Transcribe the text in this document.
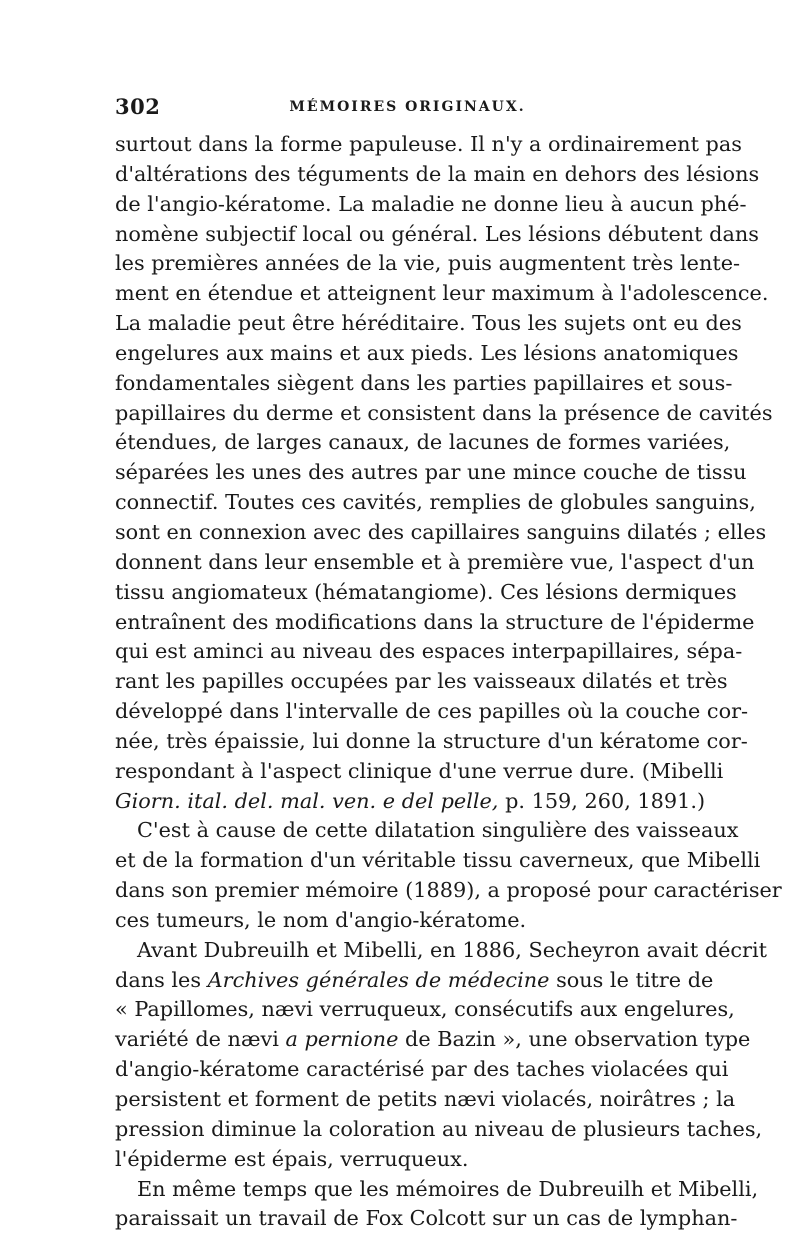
302	MÉMOIRES ORIGINAUX.
surtout dans la forme papuleuse. Il n'y a ordinairement pas
d'altérations des téguments de la main en dehors des lésions
de l'angio-kératome. La maladie ne donne lieu à aucun phé-
nomène subjectif local ou général. Les lésions débutent dans
les premières années de la vie, puis augmentent très lente-
ment en étendue et atteignent leur maximum à l'adolescence.
La maladie peut être héréditaire. Tous les sujets ont eu des
engelures aux mains et aux pieds. Les lésions anatomiques
fondamentales siègent dans les parties papillaires et sous-
papillaires du derme et consistent dans la présence de cavités
étendues, de larges canaux, de lacunes de formes variées,
séparées les unes des autres par une mince couche de tissu
connectif. Toutes ces cavités, remplies de globules sanguins,
sont en connexion avec des capillaires sanguins dilatés ; elles
donnent dans leur ensemble et à première vue, l'aspect d'un
tissu angiomateux (hématangiome). Ces lésions dermiques
entraînent des modifications dans la structure de l'épiderme
qui est aminci au niveau des espaces interpapillaires, sépa-
rant les papilles occupées par les vaisseaux dilatés et très
développé dans l'intervalle de ces papilles où la couche cor-
née, très épaissie, lui donne la structure d'un kératome cor-
respondant à l'aspect clinique d'une verrue dure. (Mibelli
Giorn. ital. del. mal. ven. e del pelle, p. 159, 260, 1891.)
C'est à cause de cette dilatation singulière des vaisseaux
et de la formation d'un véritable tissu caverneux, que Mibelli
dans son premier mémoire (1889), a proposé pour caractériser
ces tumeurs, le nom d'angio-kératome.
Avant Dubreuilh et Mibelli, en 1886, Secheyron avait décrit
dans les Archives générales de médecine sous le titre de
« Papillomes, nævi verruqueux, consécutifs aux engelures,
variété de nævi a pernione de Bazin », une observation type
d'angio-kératome caractérisé par des taches violacées qui
persistent et forment de petits nævi violacés, noirâtres ; la
pression diminue la coloration au niveau de plusieurs taches,
l'épiderme est épais, verruqueux.
En même temps que les mémoires de Dubreuilh et Mibelli,
paraissait un travail de Fox Colcott sur un cas de lymphan-
